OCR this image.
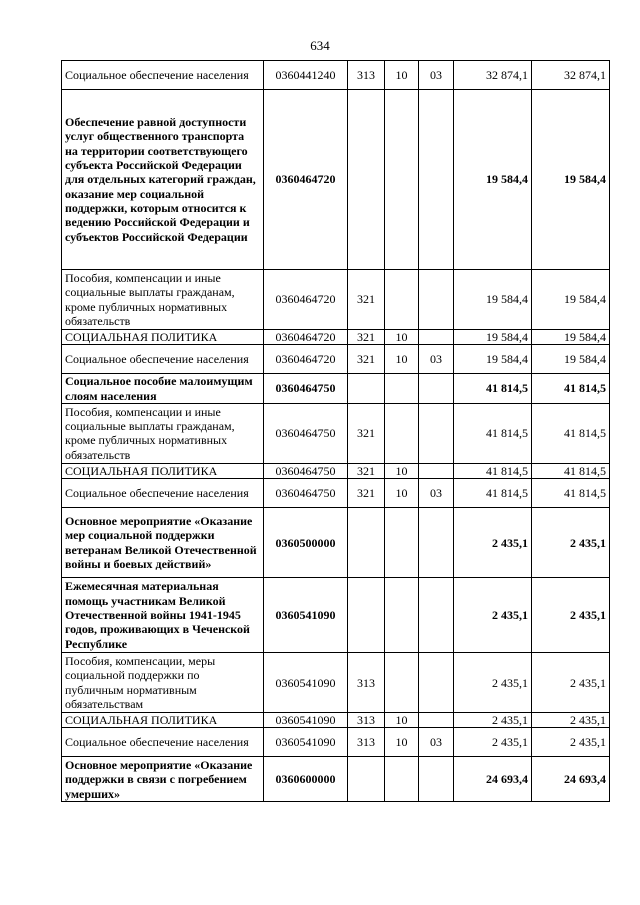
634
Социальное обеспечение населения	0360441240	313	10	03	32 874,1	32 874,1
Обеспечение равной доступности услуг общественного транспорта на территории соответствующего субъекта Российской Федерации для отдельных категорий граждан, оказание мер социальной поддержки, которым относится к ведению Российской Федерации и субъектов Российской Федерации	0360464720				19 584,4	19 584,4
Пособия, компенсации и иные социальные выплаты гражданам, кроме публичных нормативных обязательств	0360464720	321			19 584,4	19 584,4
СОЦИАЛЬНАЯ ПОЛИТИКА	0360464720	321	10		19 584,4	19 584,4
Социальное обеспечение населения	0360464720	321	10	03	19 584,4	19 584,4
Социальное пособие малоимущим слоям населения	0360464750				41 814,5	41 814,5
Пособия, компенсации и иные социальные выплаты гражданам, кроме публичных нормативных обязательств	0360464750	321			41 814,5	41 814,5
СОЦИАЛЬНАЯ ПОЛИТИКА	0360464750	321	10		41 814,5	41 814,5
Социальное обеспечение населения	0360464750	321	10	03	41 814,5	41 814,5
Основное мероприятие «Оказание мер социальной поддержки ветеранам Великой Отечественной войны и боевых действий»	0360500000				2 435,1	2 435,1
Ежемесячная материальная помощь участникам Великой Отечественной войны 1941-1945 годов, проживающих в Чеченской Республике	0360541090				2 435,1	2 435,1
Пособия, компенсации, меры социальной поддержки по публичным нормативным обязательствам	0360541090	313			2 435,1	2 435,1
СОЦИАЛЬНАЯ ПОЛИТИКА	0360541090	313	10		2 435,1	2 435,1
Социальное обеспечение населения	0360541090	313	10	03	2 435,1	2 435,1
Основное мероприятие «Оказание поддержки в связи с погребением умерших»	0360600000				24 693,4	24 693,4
